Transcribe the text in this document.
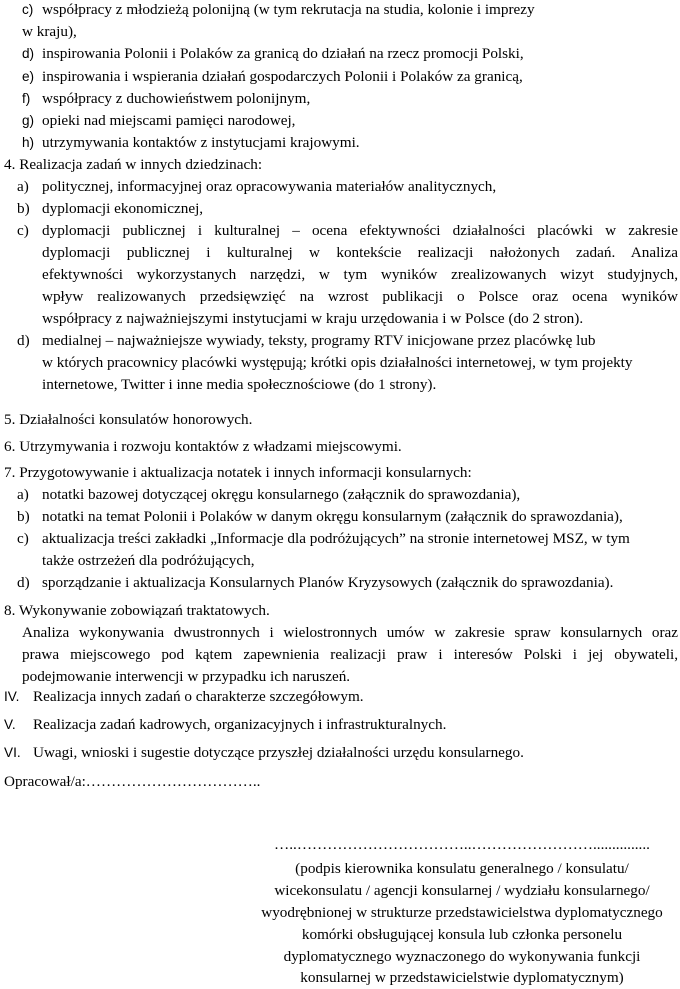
c) współpracy z młodzieżą polonijną (w tym rekrutacja na studia, kolonie i imprezy
w kraju),
d) inspirowania Polonii i Polaków za granicą do działań na rzecz promocji Polski,
e) inspirowania i wspierania działań gospodarczych Polonii i Polaków za granicą,
f) współpracy z duchowieństwem polonijnym,
g) opieki nad miejscami pamięci narodowej,
h) utrzymywania kontaktów z instytucjami krajowymi.
4. Realizacja zadań w innych dziedzinach:
a) politycznej, informacyjnej oraz opracowywania materiałów analitycznych,
b) dyplomacji ekonomicznej,
c) dyplomacji publicznej i kulturalnej – ocena efektywności działalności placówki w zakresie
dyplomacji publicznej i kulturalnej w kontekście realizacji nałożonych zadań. Analiza
efektywności wykorzystanych narzędzi, w tym wyników zrealizowanych wizyt studyjnych,
wpływ realizowanych przedsięwzięć na wzrost publikacji o Polsce oraz ocena wyników
współpracy z najważniejszymi instytucjami w kraju urzędowania i w Polsce (do 2 stron).
d) medialnej – najważniejsze wywiady, teksty, programy RTV inicjowane przez placówkę lub
w których pracownicy placówki występują; krótki opis działalności internetowej, w tym projekty
internetowe, Twitter i inne media społecznościowe (do 1 strony).
5. Działalności konsulatów honorowych.
6. Utrzymywania i rozwoju kontaktów z władzami miejscowymi.
7. Przygotowywanie i aktualizacja notatek i innych informacji konsularnych:
a) notatki bazowej dotyczącej okręgu konsularnego (załącznik do sprawozdania),
b) notatki na temat Polonii i Polaków w danym okręgu konsularnym (załącznik do sprawozdania),
c) aktualizacja treści zakładki „Informacje dla podróżujących” na stronie internetowej MSZ, w tym
także ostrzeżeń dla podróżujących,
d) sporządzanie i aktualizacja Konsularnych Planów Kryzysowych (załącznik do sprawozdania).
8. Wykonywanie zobowiązań traktatowych.
Analiza wykonywania dwustronnych i wielostronnych umów w zakresie spraw konsularnych oraz
prawa miejscowego pod kątem zapewnienia realizacji praw i interesów Polski i jej obywateli,
podejmowanie interwencji w przypadku ich naruszeń.
IV. Realizacja innych zadań o charakterze szczegółowym.
V. Realizacja zadań kadrowych, organizacyjnych i infrastrukturalnych.
VI. Uwagi, wnioski i sugestie dotyczące przyszłej działalności urzędu konsularnego.
Opracował/a:……………………………..
…..……………………………..……………………...............
(podpis kierownika konsulatu generalnego / konsulatu/
wicekonsulatu / agencji konsularnej / wydziału konsularnego/
wyodrębnionej w strukturze przedstawicielstwa dyplomatycznego
komórki obsługującej konsula lub członka personelu
dyplomatycznego wyznaczonego do wykonywania funkcji
konsularnej w przedstawicielstwie dyplomatycznym)
